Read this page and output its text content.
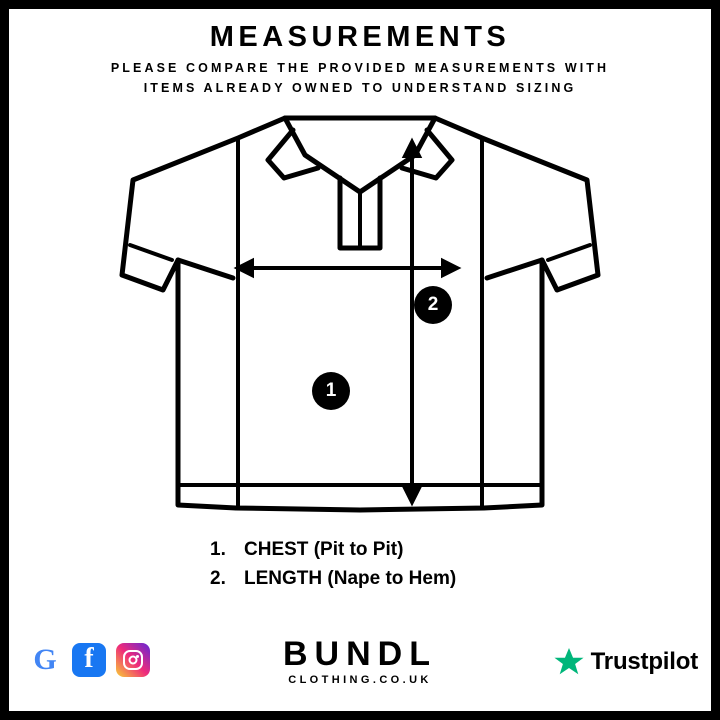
MEASUREMENTS
PLEASE COMPARE THE PROVIDED MEASUREMENTS WITH
ITEMS ALREADY OWNED TO UNDERSTAND SIZING
1
2
1. CHEST (Pit to Pit)
2. LENGTH (Nape to Hem)
G f	BUNDL
CLOTHING.CO.UK
Trustpilot
